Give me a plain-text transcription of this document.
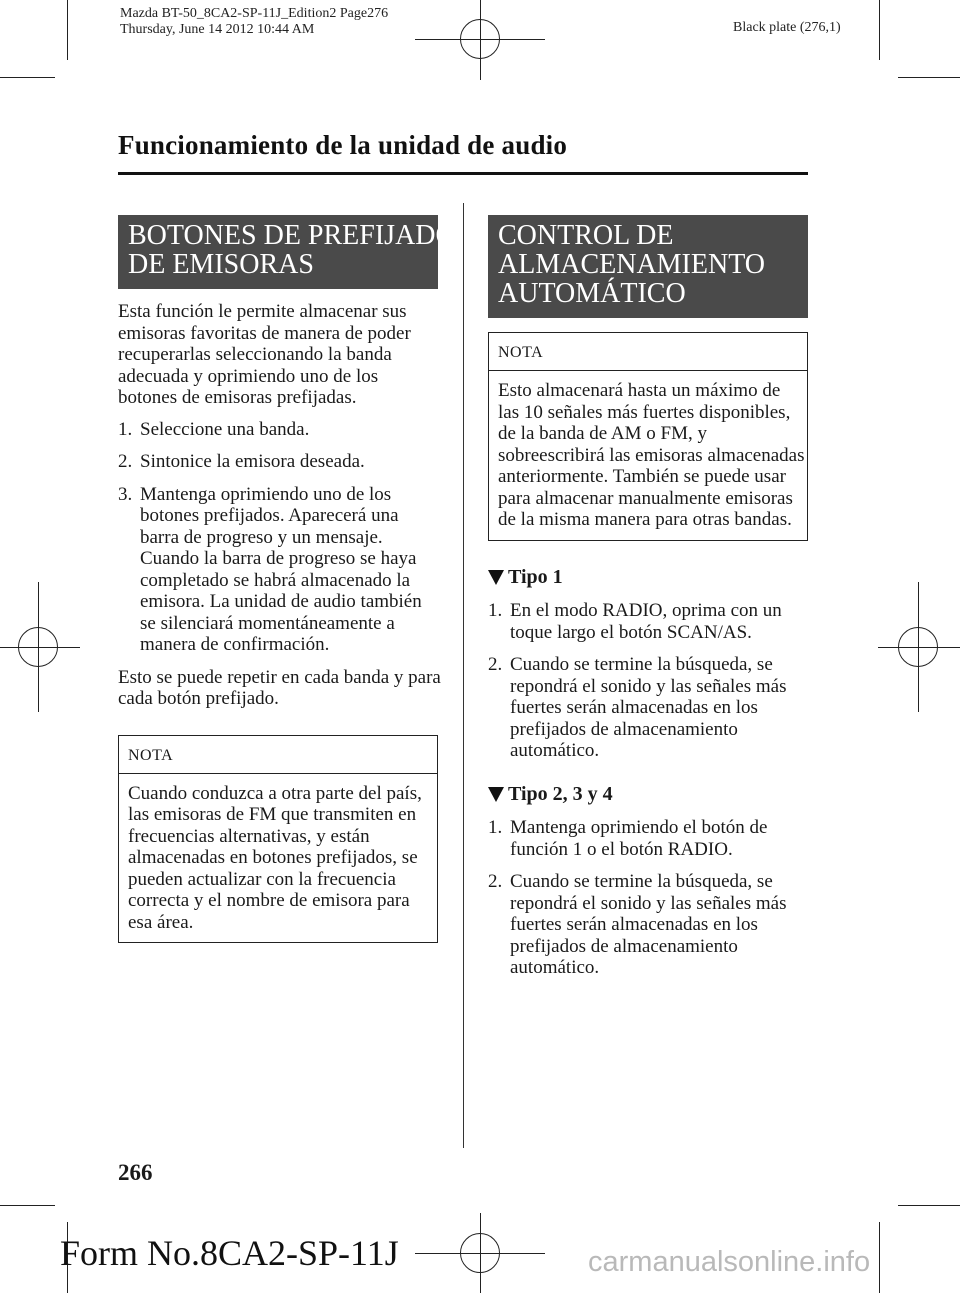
Mazda BT-50_8CA2-SP-11J_Edition2 Page276
Thursday, June 14 2012 10:44 AM	Black plate (276,1)
Funcionamiento de la unidad de audio
BOTONES DE PREFIJADO
DE EMISORAS
Esta función le permite almacenar sus
emisoras favoritas de manera de poder
recuperarlas seleccionando la banda
adecuada y oprimiendo uno de los
botones de emisoras prefijadas.
1. Seleccione una banda.
2. Sintonice la emisora deseada.
3. Mantenga oprimiendo uno de los
botones prefijados. Aparecerá una
barra de progreso y un mensaje.
Cuando la barra de progreso se haya
completado se habrá almacenado la
emisora. La unidad de audio también
se silenciará momentáneamente a
manera de confirmación.
Esto se puede repetir en cada banda y para
cada botón prefijado.
NOTA
Cuando conduzca a otra parte del país,
las emisoras de FM que transmiten en
frecuencias alternativas, y están
almacenadas en botones prefijados, se
pueden actualizar con la frecuencia
correcta y el nombre de emisora para
esa área.
CONTROL DE
ALMACENAMIENTO
AUTOMÁTICO
NOTA
Esto almacenará hasta un máximo de
las 10 señales más fuertes disponibles,
de la banda de AM o FM, y
sobreescribirá las emisoras almacenadas
anteriormente. También se puede usar
para almacenar manualmente emisoras
de la misma manera para otras bandas.
Tipo 1
1. En el modo RADIO, oprima con un
toque largo el botón SCAN/AS.
2. Cuando se termine la búsqueda, se
repondrá el sonido y las señales más
fuertes serán almacenadas en los
prefijados de almacenamiento
automático.
Tipo 2, 3 y 4
1. Mantenga oprimiendo el botón de
función 1 o el botón RADIO.
2. Cuando se termine la búsqueda, se
repondrá el sonido y las señales más
fuertes serán almacenadas en los
prefijados de almacenamiento
automático.
266
Form No.8CA2-SP-11J	carmanualsonline.info
